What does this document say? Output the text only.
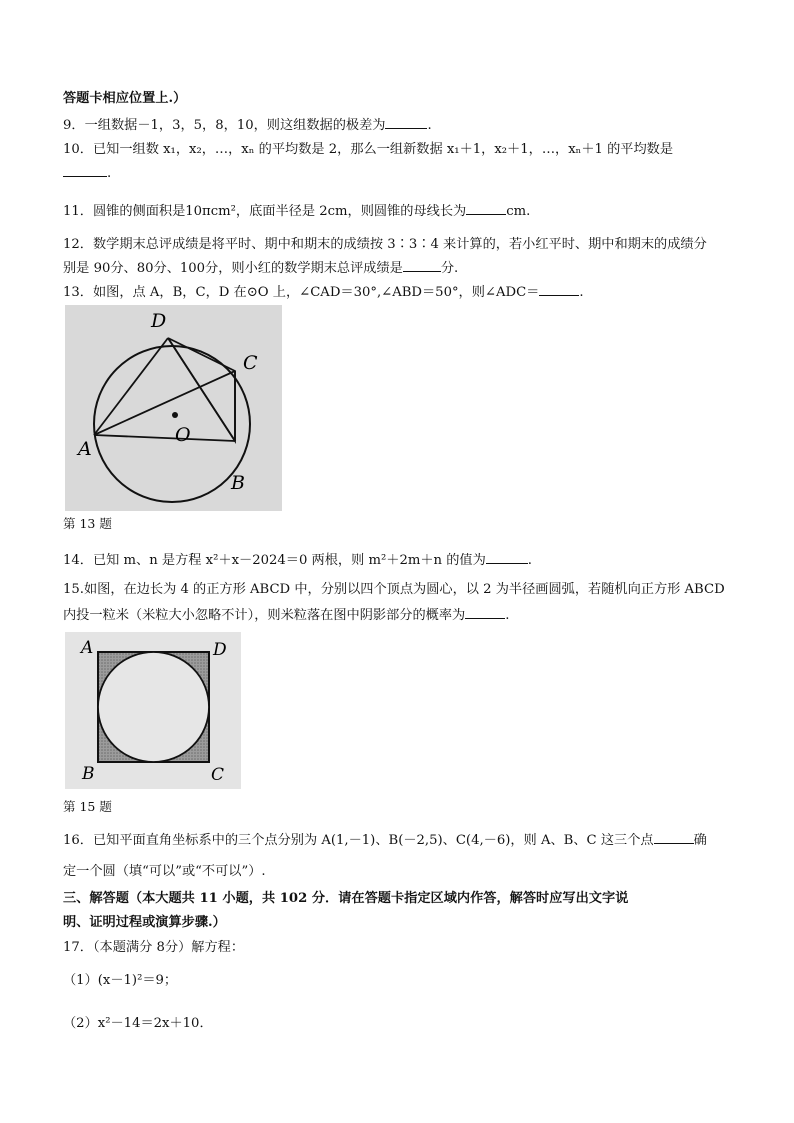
答题卡相应位置上.）
9．一组数据－1，3，5，8，10，则这组数据的极差为	.
10．已知一组数 x₁，x₂，…，xₙ 的平均数是 2，那么一组新数据 x₁＋1，x₂＋1，…，xₙ＋1 的平均数是
.
11．圆锥的侧面积是10πcm²，底面半径是 2cm，则圆锥的母线长为	cm.
12．数学期末总评成绩是将平时、期中和期末的成绩按 3∶3∶4 来计算的，若小红平时、期中和期末的成绩分
别是 90分、80分、100分，则小红的数学期末总评成绩是	分.
13．如图，点 A，B，C，D 在⊙O 上，∠CAD＝30°,∠ABD＝50°，则∠ADC＝	.
D
C
A
B
O
第 13 题
14．已知 m、n 是方程 x²＋x－2024＝0 两根，则 m²＋2m＋n 的值为	.
15.如图，在边长为 4 的正方形 ABCD 中，分别以四个顶点为圆心，以 2 为半径画圆弧，若随机向正方形 ABCD
内投一粒米（米粒大小忽略不计），则米粒落在图中阴影部分的概率为	.
A	D
B	C
第 15 题
16．已知平面直角坐标系中的三个点分别为 A(1,－1)、B(－2,5)、C(4,－6)，则 A、B、C 这三个点	确
定一个圆（填“可以”或“不可以”）.
三、解答题（本大题共 11 小题，共 102 分．请在答题卡指定区域内作答，解答时应写出文字说
明、证明过程或演算步骤.）
17．（本题满分 8分）解方程：
（1）(x－1)²＝9；
（2）x²－14＝2x＋10．
